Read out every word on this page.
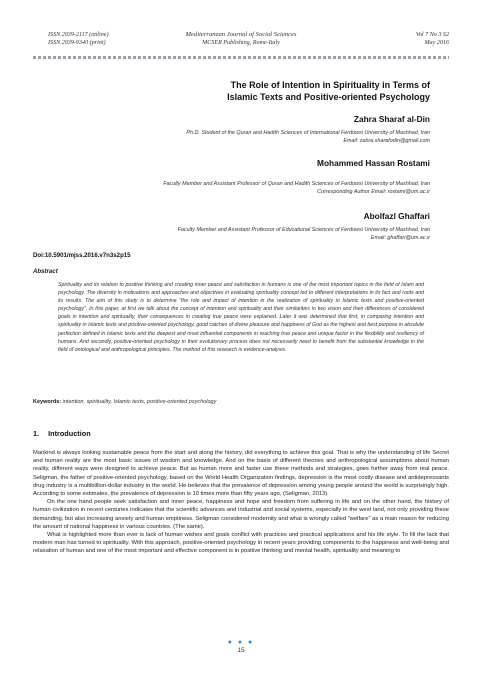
ISSN 2039-2117 (online)
ISSN 2039-9340 (print)
Mediterranean Journal of Social Sciences
MCSER Publishing, Rome-Italy
Vol 7 No 3 S2
May 2016
The Role of Intention in Spirituality in Terms of
Islamic Texts and Positive-oriented Psychology
Zahra Sharaf al-Din
Ph.D. Student of the Quran and Hadith Sciences of International Ferdowsi University of Mashhad, Iran
Email: zahra.sharafodin@gmail.com
Mohammed Hassan Rostami
Faculty Member and Assistant Professor of Quran and Hadith Sciences of Ferdowsi University of Mashhad, Iran
Corresponding Author Email: rostami@um.ac.ir
Abolfazl Ghaffari
Faculty Member and Assistant Professor of Educational Sciences of Ferdowsi University of Mashhad, Iran
Email: ghaffari@um.ac.ir
Doi:10.5901/mjss.2016.v7n3s2p15
Abstract
Spirituality and its relation to positive thinking and creating inner peace and satisfaction in humans is one of the most important topics in the field of Islam and psychology. The diversity in motivations and approaches and objectives in evaluating spirituality concept led to different interpretations in its fact and roots and its results. The aim of this study is to determine "the role and impact of intention in the realization of spirituality in Islamic texts and positive-oriented psychology". In this paper, at first we talk about the concept of intention and spirituality and their similarities in two vision and then differences of considered goals in intention and spirituality, their consequences in creating true peace were explained. Later it was determined that first, in comparing intention and spirituality in Islamic texts and positive-oriented psychology, good catches of divine pleasure and happiness of God as the highest and best purpose in absolute perfection defined in Islamic texts and the deepest and most influential components in reaching true peace and unique factor in the flexibility and resiliency of humans. And secondly, positive-oriented psychology in their evolutionary process does not necessarily need to benefit from the substantial knowledge in the field of ontological and anthropological principles. The method of this research is evidence-analysis.
Keywords: intention, spirituality, Islamic texts, positive-oriented psychology
1. Introduction

Mankind is always looking sustainable peace from the start and along the history, did everything to achieve this goal. That is why the understanding of life Secret and human reality are the most basic issues of wisdom and knowledge. And on the basis of different theories and anthropological assumptions about human reality, different ways were designed to achieve peace. But as human more and faster use these methods and strategies, goes further away from real peace. Seligman, the father of positive-oriented psychology, based on the World Health Organization findings, depression is the most costly disease and antidepressants drug industry is a multibillion-dollar industry in the world. He believes that the prevalence of depression among young people around the world is surprisingly high. According to some estimates, the prevalence of depression is 10 times more than fifty years ago, (Seligman, 2013).

On the one hand people seek satisfaction and inner peace, happiness and hope and freedom from suffering in life and on the other hand, the history of human civilization in recent centuries indicates that the scientific advances and industrial and social systems, especially in the west land, not only providing these demanding, but also increasing anxiety and human emptiness. Seligman considered modernity and what is wrongly called "welfare" as a main reason for reducing the amount of national happiness in various countries. (The same).

What is highlighted more than ever is lack of human wishes and goals conflict with practices and practical applications and his life style. To fill the lack that modern man has turned to spirituality. With this approach, positive-oriented psychology in recent years providing components to the happiness and well-being and relaxation of human and one of the most important and effective component is in positive thinking and mental health, spirituality and meaning to

● ● ●
15
